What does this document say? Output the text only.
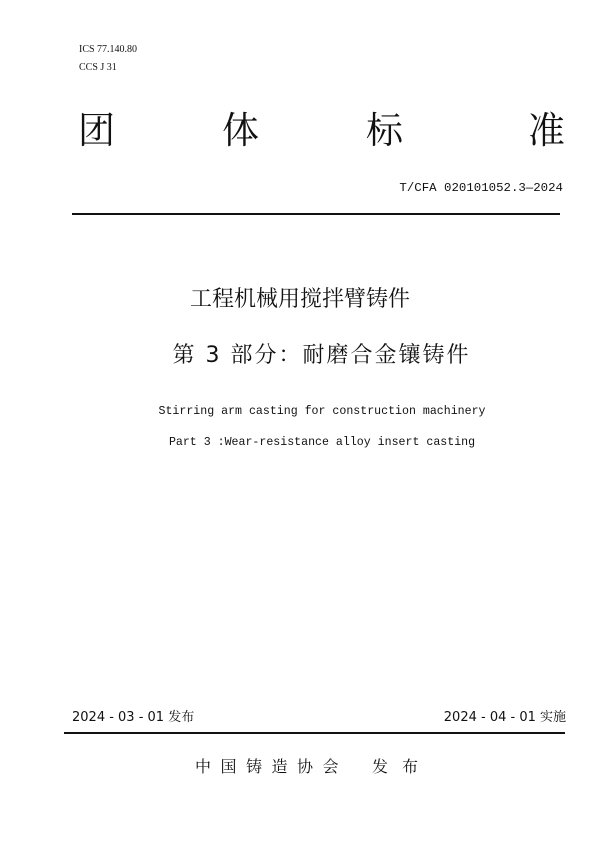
ICS 77.140.80
CCS J 31
团	体	标	准
T/CFA 020101052.3—2024
工程机械用搅拌臂铸件
第 3 部分：耐磨合金镶铸件
Stirring arm casting for construction machinery
Part 3 :Wear-resistance alloy insert casting
2024 - 03 - 01 发布	2024 - 04 - 01 实施
中国铸造协会 发布
